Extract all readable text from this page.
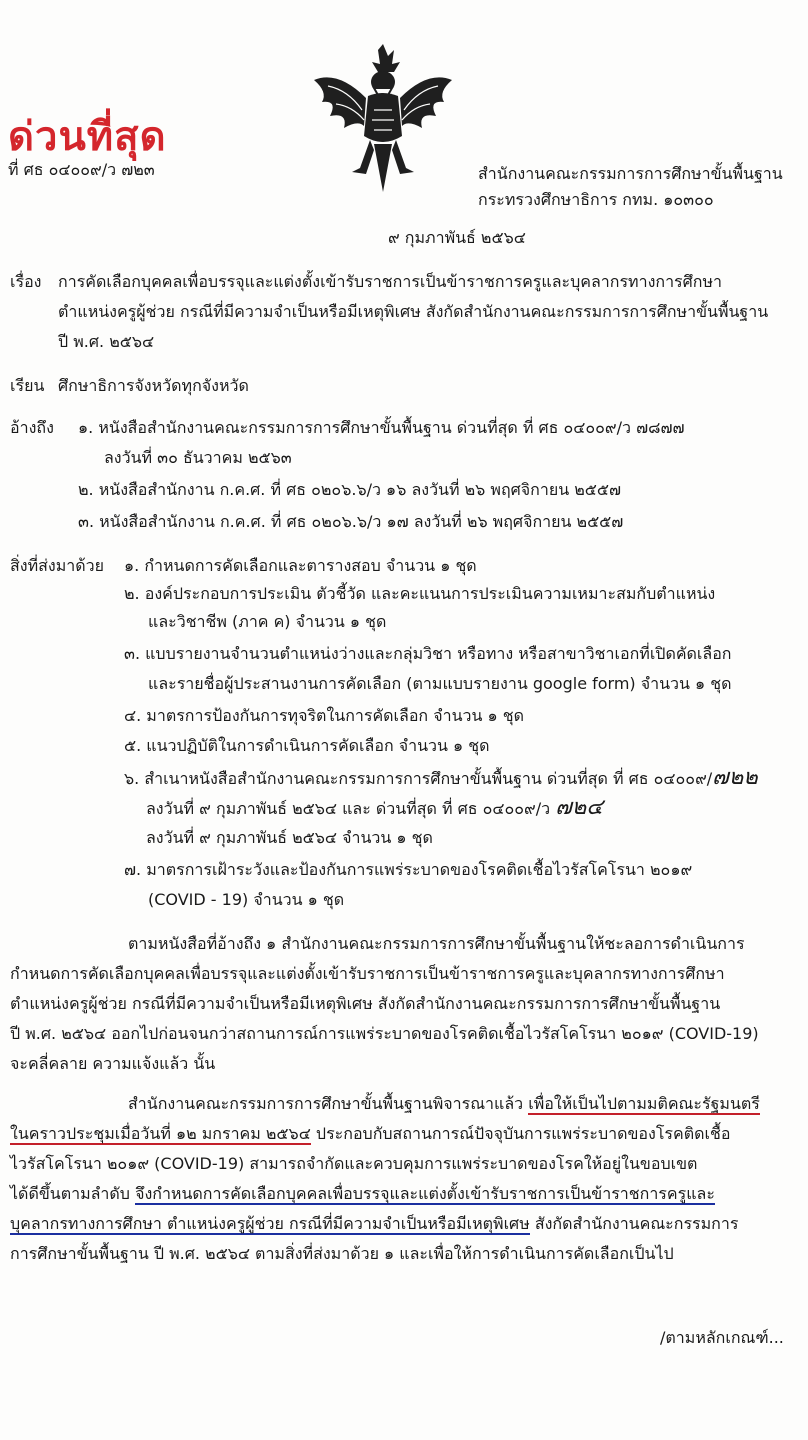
ด่วนที่สุด
ที่ ศธ ๐๔๐๐๙/ว ๗๒๓	สำนักงานคณะกรรมการการศึกษาขั้นพื้นฐาน
กระทรวงศึกษาธิการ กทม. ๑๐๓๐๐
๙ กุมภาพันธ์ ๒๕๖๔
เรื่อง การคัดเลือกบุคคลเพื่อบรรจุและแต่งตั้งเข้ารับราชการเป็นข้าราชการครูและบุคลากรทางการศึกษา
ตำแหน่งครูผู้ช่วย กรณีที่มีความจำเป็นหรือมีเหตุพิเศษ สังกัดสำนักงานคณะกรรมการการศึกษาขั้นพื้นฐาน
ปี พ.ศ. ๒๕๖๔
เรียน ศึกษาธิการจังหวัดทุกจังหวัด
อ้างถึง ๑. หนังสือสำนักงานคณะกรรมการการศึกษาขั้นพื้นฐาน ด่วนที่สุด ที่ ศธ ๐๔๐๐๙/ว ๗๘๗๗
ลงวันที่ ๓๐ ธันวาคม ๒๕๖๓
๒. หนังสือสำนักงาน ก.ค.ศ. ที่ ศธ ๐๒๐๖.๖/ว ๑๖ ลงวันที่ ๒๖ พฤศจิกายน ๒๕๕๗
๓. หนังสือสำนักงาน ก.ค.ศ. ที่ ศธ ๐๒๐๖.๖/ว ๑๗ ลงวันที่ ๒๖ พฤศจิกายน ๒๕๕๗
สิ่งที่ส่งมาด้วย ๑. กำหนดการคัดเลือกและตารางสอบ จำนวน ๑ ชุด
๒. องค์ประกอบการประเมิน ตัวชี้วัด และคะแนนการประเมินความเหมาะสมกับตำแหน่ง
และวิชาชีพ (ภาค ค) จำนวน ๑ ชุด
๓. แบบรายงานจำนวนตำแหน่งว่างและกลุ่มวิชา หรือทาง หรือสาขาวิชาเอกที่เปิดคัดเลือก
และรายชื่อผู้ประสานงานการคัดเลือก (ตามแบบรายงาน google form) จำนวน ๑ ชุด
๔. มาตรการป้องกันการทุจริตในการคัดเลือก จำนวน ๑ ชุด
๕. แนวปฏิบัติในการดำเนินการคัดเลือก จำนวน ๑ ชุด
๖. สำเนาหนังสือสำนักงานคณะกรรมการการศึกษาขั้นพื้นฐาน ด่วนที่สุด ที่ ศธ ๐๔๐๐๙/๗๒๒
ลงวันที่ ๙ กุมภาพันธ์ ๒๕๖๔ และ ด่วนที่สุด ที่ ศธ ๐๔๐๐๙/ว ๗๒๔
ลงวันที่ ๙ กุมภาพันธ์ ๒๕๖๔ จำนวน ๑ ชุด
๗. มาตรการเฝ้าระวังและป้องกันการแพร่ระบาดของโรคติดเชื้อไวรัสโคโรนา ๒๐๑๙
(COVID - 19) จำนวน ๑ ชุด
ตามหนังสือที่อ้างถึง ๑ สำนักงานคณะกรรมการการศึกษาขั้นพื้นฐานให้ชะลอการดำเนินการ
กำหนดการคัดเลือกบุคคลเพื่อบรรจุและแต่งตั้งเข้ารับราชการเป็นข้าราชการครูและบุคลากรทางการศึกษา
ตำแหน่งครูผู้ช่วย กรณีที่มีความจำเป็นหรือมีเหตุพิเศษ สังกัดสำนักงานคณะกรรมการการศึกษาขั้นพื้นฐาน
ปี พ.ศ. ๒๕๖๔ ออกไปก่อนจนกว่าสถานการณ์การแพร่ระบาดของโรคติดเชื้อไวรัสโคโรนา ๒๐๑๙ (COVID-19)
จะคลี่คลาย ความแจ้งแล้ว นั้น
สำนักงานคณะกรรมการการศึกษาขั้นพื้นฐานพิจารณาแล้ว เพื่อให้เป็นไปตามมติคณะรัฐมนตรี
ในคราวประชุมเมื่อวันที่ ๑๒ มกราคม ๒๕๖๔ ประกอบกับสถานการณ์ปัจจุบันการแพร่ระบาดของโรคติดเชื้อ
ไวรัสโคโรนา ๒๐๑๙ (COVID-19) สามารถจำกัดและควบคุมการแพร่ระบาดของโรคให้อยู่ในขอบเขต
ได้ดีขึ้นตามลำดับ จึงกำหนดการคัดเลือกบุคคลเพื่อบรรจุและแต่งตั้งเข้ารับราชการเป็นข้าราชการครูและ
บุคลากรทางการศึกษา ตำแหน่งครูผู้ช่วย กรณีที่มีความจำเป็นหรือมีเหตุพิเศษ สังกัดสำนักงานคณะกรรมการ
การศึกษาขั้นพื้นฐาน ปี พ.ศ. ๒๕๖๔ ตามสิ่งที่ส่งมาด้วย ๑ และเพื่อให้การดำเนินการคัดเลือกเป็นไป
/ตามหลักเกณฑ์...
